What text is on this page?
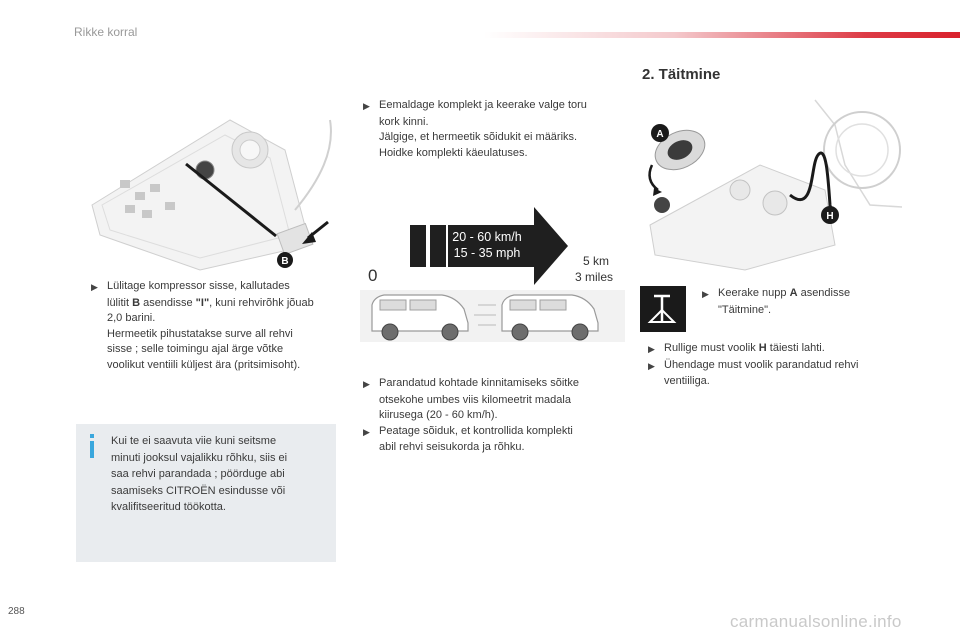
Rikke korral
2. Täitmine
B
▶ Lülitage kompressor sisse, kallutades
lülitit B asendisse "I", kuni rehvirõhk jõuab
2,0 barini.
Hermeetik pihustatakse surve all rehvi
sisse ; selle toimingu ajal ärge võtke
voolikut ventiili küljest ära (pritsimisoht).
Kui te ei saavuta viie kuni seitsme
minuti jooksul vajalikku rõhku, siis ei
saa rehvi parandada ; pöörduge abi
saamiseks CITROËN esindusse või
kvalifitseeritud töökotta.
▶ Eemaldage komplekt ja keerake valge toru
kork kinni.
Jälgige, et hermeetik sõidukit ei määriks.
Hoidke komplekti käeulatuses.
20 - 60 km/h
15 - 35 mph
0
5 km
3 miles
▶ Parandatud kohtade kinnitamiseks sõitke
otsekohe umbes viis kilomeetrit madala
kiirusega (20 - 60 km/h).
▶ Peatage sõiduk, et kontrollida komplekti
abil rehvi seisukorda ja rõhku.
A
H
▶ Keerake nupp A asendisse
"Täitmine".
▶ Rullige must voolik H täiesti lahti.
▶ Ühendage must voolik parandatud rehvi
ventiiliga.
288
carmanualsonline.info
